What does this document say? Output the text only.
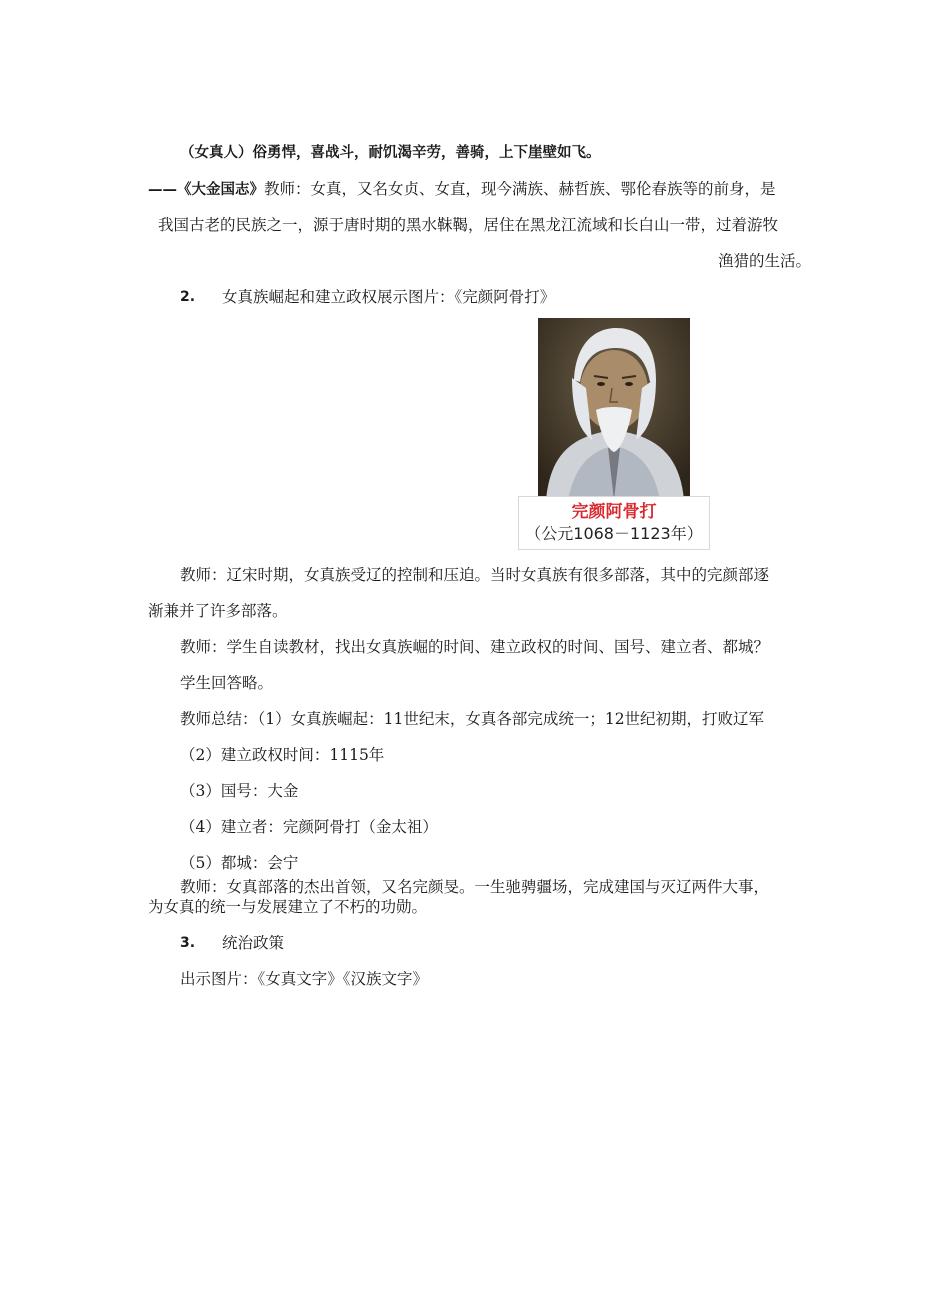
（女真人）俗勇悍，喜战斗，耐饥渴辛劳，善骑，上下崖壁如飞。
——《大金国志》教师：女真，又名女贞、女直，现今满族、赫哲族、鄂伦春族等的前身，是
我国古老的民族之一，源于唐时期的黑水靺鞨，居住在黑龙江流域和长白山一带，过着游牧
渔猎的生活。
2. 女真族崛起和建立政权展示图片：《完颜阿骨打》
完颜阿骨打
（公元1068－1123年）
教师：辽宋时期，女真族受辽的控制和压迫。当时女真族有很多部落，其中的完颜部逐
渐兼并了许多部落。
教师：学生自读教材，找出女真族崛的时间、建立政权的时间、国号、建立者、都城？
学生回答略。
教师总结：（1）女真族崛起：11世纪末，女真各部完成统一；12世纪初期，打败辽军
（2）建立政权时间：1115年
（3）国号：大金
（4）建立者：完颜阿骨打（金太祖）
（5）都城：会宁
教师：女真部落的杰出首领，又名完颜旻。一生驰骋疆场，完成建国与灭辽两件大事，
为女真的统一与发展建立了不朽的功勋。
3. 统治政策
出示图片：《女真文字》《汉族文字》
